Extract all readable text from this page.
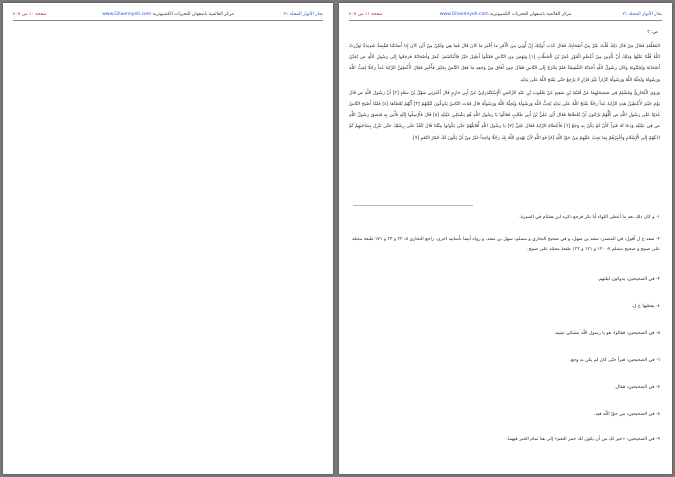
بحار الأنوار المجلد ٢١
مركز القائمية باصفهان للتحريات الكمبيوترية www.Ghaemiyeh.com
صفحة ١٠ من ٤٠٥	بحار الأنوار المجلد ٢١
مركز القائمية باصفهان للتحريات الكمبيوترية www.Ghaemiyeh.com
صفحة ١١ من ٤٠٥
ص: ٣

المُغَلَّقَةِ فَقَالَ مَنْ قَالَ ذَلِكَ قُلْتُ غَيْرُ مِنْ أَصْحَابِكَ فَقَالَ كَذَبَ أُولَئِكَ إِنَّ أُوتِيَ مِنَ الْأَمْرِ مَا أَخْبَرَ مَا كَانَ قَالَ فَمَا هِيَ وَلَكِنْ مِنْ أَيْنَ كَانَ إِذَا أَصَابَتْنَا مُقْبِمَةٌ شَدِيدَةٌ تَوَزَّرَتْ اللَّهُ قُلْنَا عَلَيْهَا وَذَلِكَ أَنَّ الَّذِينَ مِنْ أَعْظَمِ الْفَوْزِ عُمَرُ بْنُ الْخَطَّابِ [١] وَنَهَضَ مِنَ النَّاسِ فَقَتَلُوا أَطِيلَ خَيْرٌ فَالْتَكَشَفَ عُمَرُ وَأَصْحَابُهُ فَرَجَعُوا إِلَى رَسُولِ اللَّهِ ص يُجَبِّنُ أَصْحَابَهُ وَيُجَبِّنُونَهُ وَكَانَ رَسُولُ اللَّهِ أَخَذَتْهُ الشَّقِيقَةُ فَلَمْ يَخْرُجْ إِلَى النَّاسِ فَقَالَ حِينَ أَفَاقَ مِنْ وَجَعِهِ مَا فَعَلَ النَّاسُ بِخَيْبَرَ فَأُخْبِرَ فَقَالَ لَأُعْطِيَنَّ الرَّايَةَ غَداً رَجُلًا يُحِبُّ اللَّهَ وَرَسُولَهُ وَيُحِبُّهُ اللَّهُ وَرَسُولُهُ كَرَّاراً غَيْرَ فَرَّارٍ لَا يَرْجِعُ حَتَّى يَفْتَحَ اللَّهُ عَلَى يَدَيْهِ.

وَرَوَى الْبُخَارِيُّ وَمُسْلِمٌ فِي صَحِيحَيْهِمَا عَنْ قُتَيْبَةَ بْنِ سَعِيدٍ عَنْ يَعْقُوبَ بْنِ عَبْدِ الرَّحْمَنِ الْإِسْكَنْدَرَانِيِّ عَنْ أَبِي حَازِمٍ قَالَ أَخْبَرَنِي سَهْلُ بْنُ سَعْدٍ [٢] أَنَّ رَسُولَ اللَّهِ ص قَالَ يَوْمَ خَيْبَرَ لَأُعْطِيَنَّ هَذِهِ الرَّايَةَ غَداً رَجُلًا يَفْتَحُ اللَّهُ عَلَى يَدَيْهِ يُحِبُّ اللَّهَ وَرَسُولَهُ وَيُحِبُّهُ اللَّهُ وَرَسُولُهُ قَالَ فَبَاتَ النَّاسُ يَدُوكُونَ لَيْلَتَهُمْ [٣] أَيُّهُمْ يُعْطَاهَا [٤] فَلَمَّا أَصْبَحَ النَّاسُ غَدَوْا عَلَى رَسُولِ اللَّهِ ص كُلُّهُمْ يَرْجُونَ أَنْ يُعْطَاهَا فَقَالَ أَيْنَ عَلِيُّ بْنُ أَبِي طَالِبٍ فَقَالُوا يَا رَسُولَ اللَّهِ هُوَ يَشْتَكِي عَيْنَيْهِ [٥] قَالَ فَأَرْسِلُوا إِلَيْهِ فَأُتِيَ بِهِ فَبَصَقَ رَسُولُ اللَّهِ ص فِي عَيْنَيْهِ وَدَعَا لَهُ فَبَرَأَ كَأَنْ لَمْ يَكُنْ بِهِ وَجَعٌ [٦] فَأَعْطَاهُ الرَّايَةَ فَقَالَ عَلِيٌّ [٧] يَا رَسُولَ اللَّهِ أُقَاتِلُهُمْ حَتَّى يَكُونُوا مِثْلَنَا قَالَ انْفُذْ عَلَى رِسْلِكَ حَتَّى تَنْزِلَ بِسَاحَتِهِمْ ثُمَّ ادْعُهُمْ إِلَى الْإِسْلَامِ وَأَخْبِرْهُمْ بِمَا يَجِبُ عَلَيْهِمْ مِنْ حَقِّ اللَّهِ [٨] فَوَ اللَّهِ لَأَنْ يَهْدِيَ اللَّهُ بِكَ رَجُلًا وَاحِداً خَيْرٌ مِنْ أَنْ يَكُونَ لَكَ حُمْرُ النَّعَمِ [٩].

١- و كان ذلك بعد ما أعطى اللواء أبا بكر فرجع ذكره ابن هشام في السيرة.
٢- سعد خ ل أقول: في المصدر: سعد بن سهل، و في صحيح البخاري و مسلم: سهل بن سعد، و رواه أيضا بأسانيد اخرى. راجع البخاري ٥: ٢٢ و ٢٣ و ١٧١ طبعة محمّد على صبيح و صحيح مسلم ٧: ١٢٠ و ١٢١ و ١٢٢ طبعة محمّد على صبيح.
٣- في الصحيحين: يدوكون ليلتهم.
٤- يعطيها خ ل.
٥- في الصحيحين: فقالوا: هو يا رسول اللّه يشتكي عينيه.
٦- في الصحيحين: فبرأ حتّى كان لم يكن به وجع.
٧- في الصحيحين: فقال.
٨- في الصحيحين: من حقّ اللّه فيه.
٩- في الصحيحين: «خير لك من أن يكون لك حمر النعم» إلى هنا تمام الخبر فيهما.
